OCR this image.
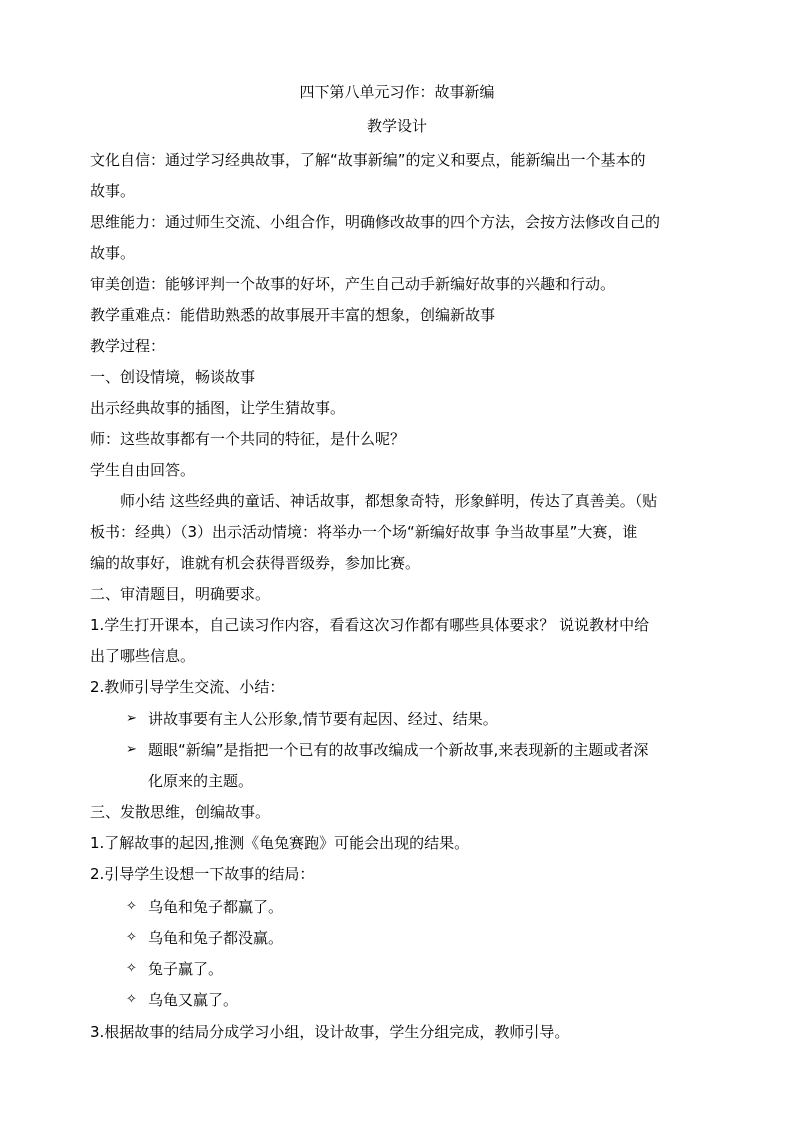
四下第八单元习作：故事新编
教学设计
文化自信：通过学习经典故事，了解“故事新编”的定义和要点，能新编出一个基本的
故事。
思维能力：通过师生交流、小组合作，明确修改故事的四个方法，会按方法修改自己的
故事。
审美创造：能够评判一个故事的好坏，产生自己动手新编好故事的兴趣和行动。
教学重难点：能借助熟悉的故事展开丰富的想象，创编新故事
教学过程：
一、创设情境，畅谈故事
出示经典故事的插图，让学生猜故事。
师：这些故事都有一个共同的特征，是什么呢？
学生自由回答。
　　师小结 这些经典的童话、神话故事，都想象奇特，形象鲜明，传达了真善美。（贴
板书：经典）（3）出示活动情境：将举办一个场“新编好故事 争当故事星”大赛，谁
编的故事好，谁就有机会获得晋级券，参加比赛。
二、审清题目，明确要求。
1.学生打开课本，自己读习作内容，看看这次习作都有哪些具体要求？ 说说教材中给
出了哪些信息。
2.教师引导学生交流、小结：
➢ 讲故事要有主人公形象,情节要有起因、经过、结果。
➢ 题眼“新编”是指把一个已有的故事改编成一个新故事,来表现新的主题或者深
化原来的主题。
三、发散思维，创编故事。
1.了解故事的起因,推测《龟兔赛跑》可能会出现的结果。
2.引导学生设想一下故事的结局：
✧ 乌龟和兔子都赢了。
✧ 乌龟和兔子都没赢。
✧ 兔子赢了。
✧ 乌龟又赢了。
3.根据故事的结局分成学习小组，设计故事，学生分组完成，教师引导。
